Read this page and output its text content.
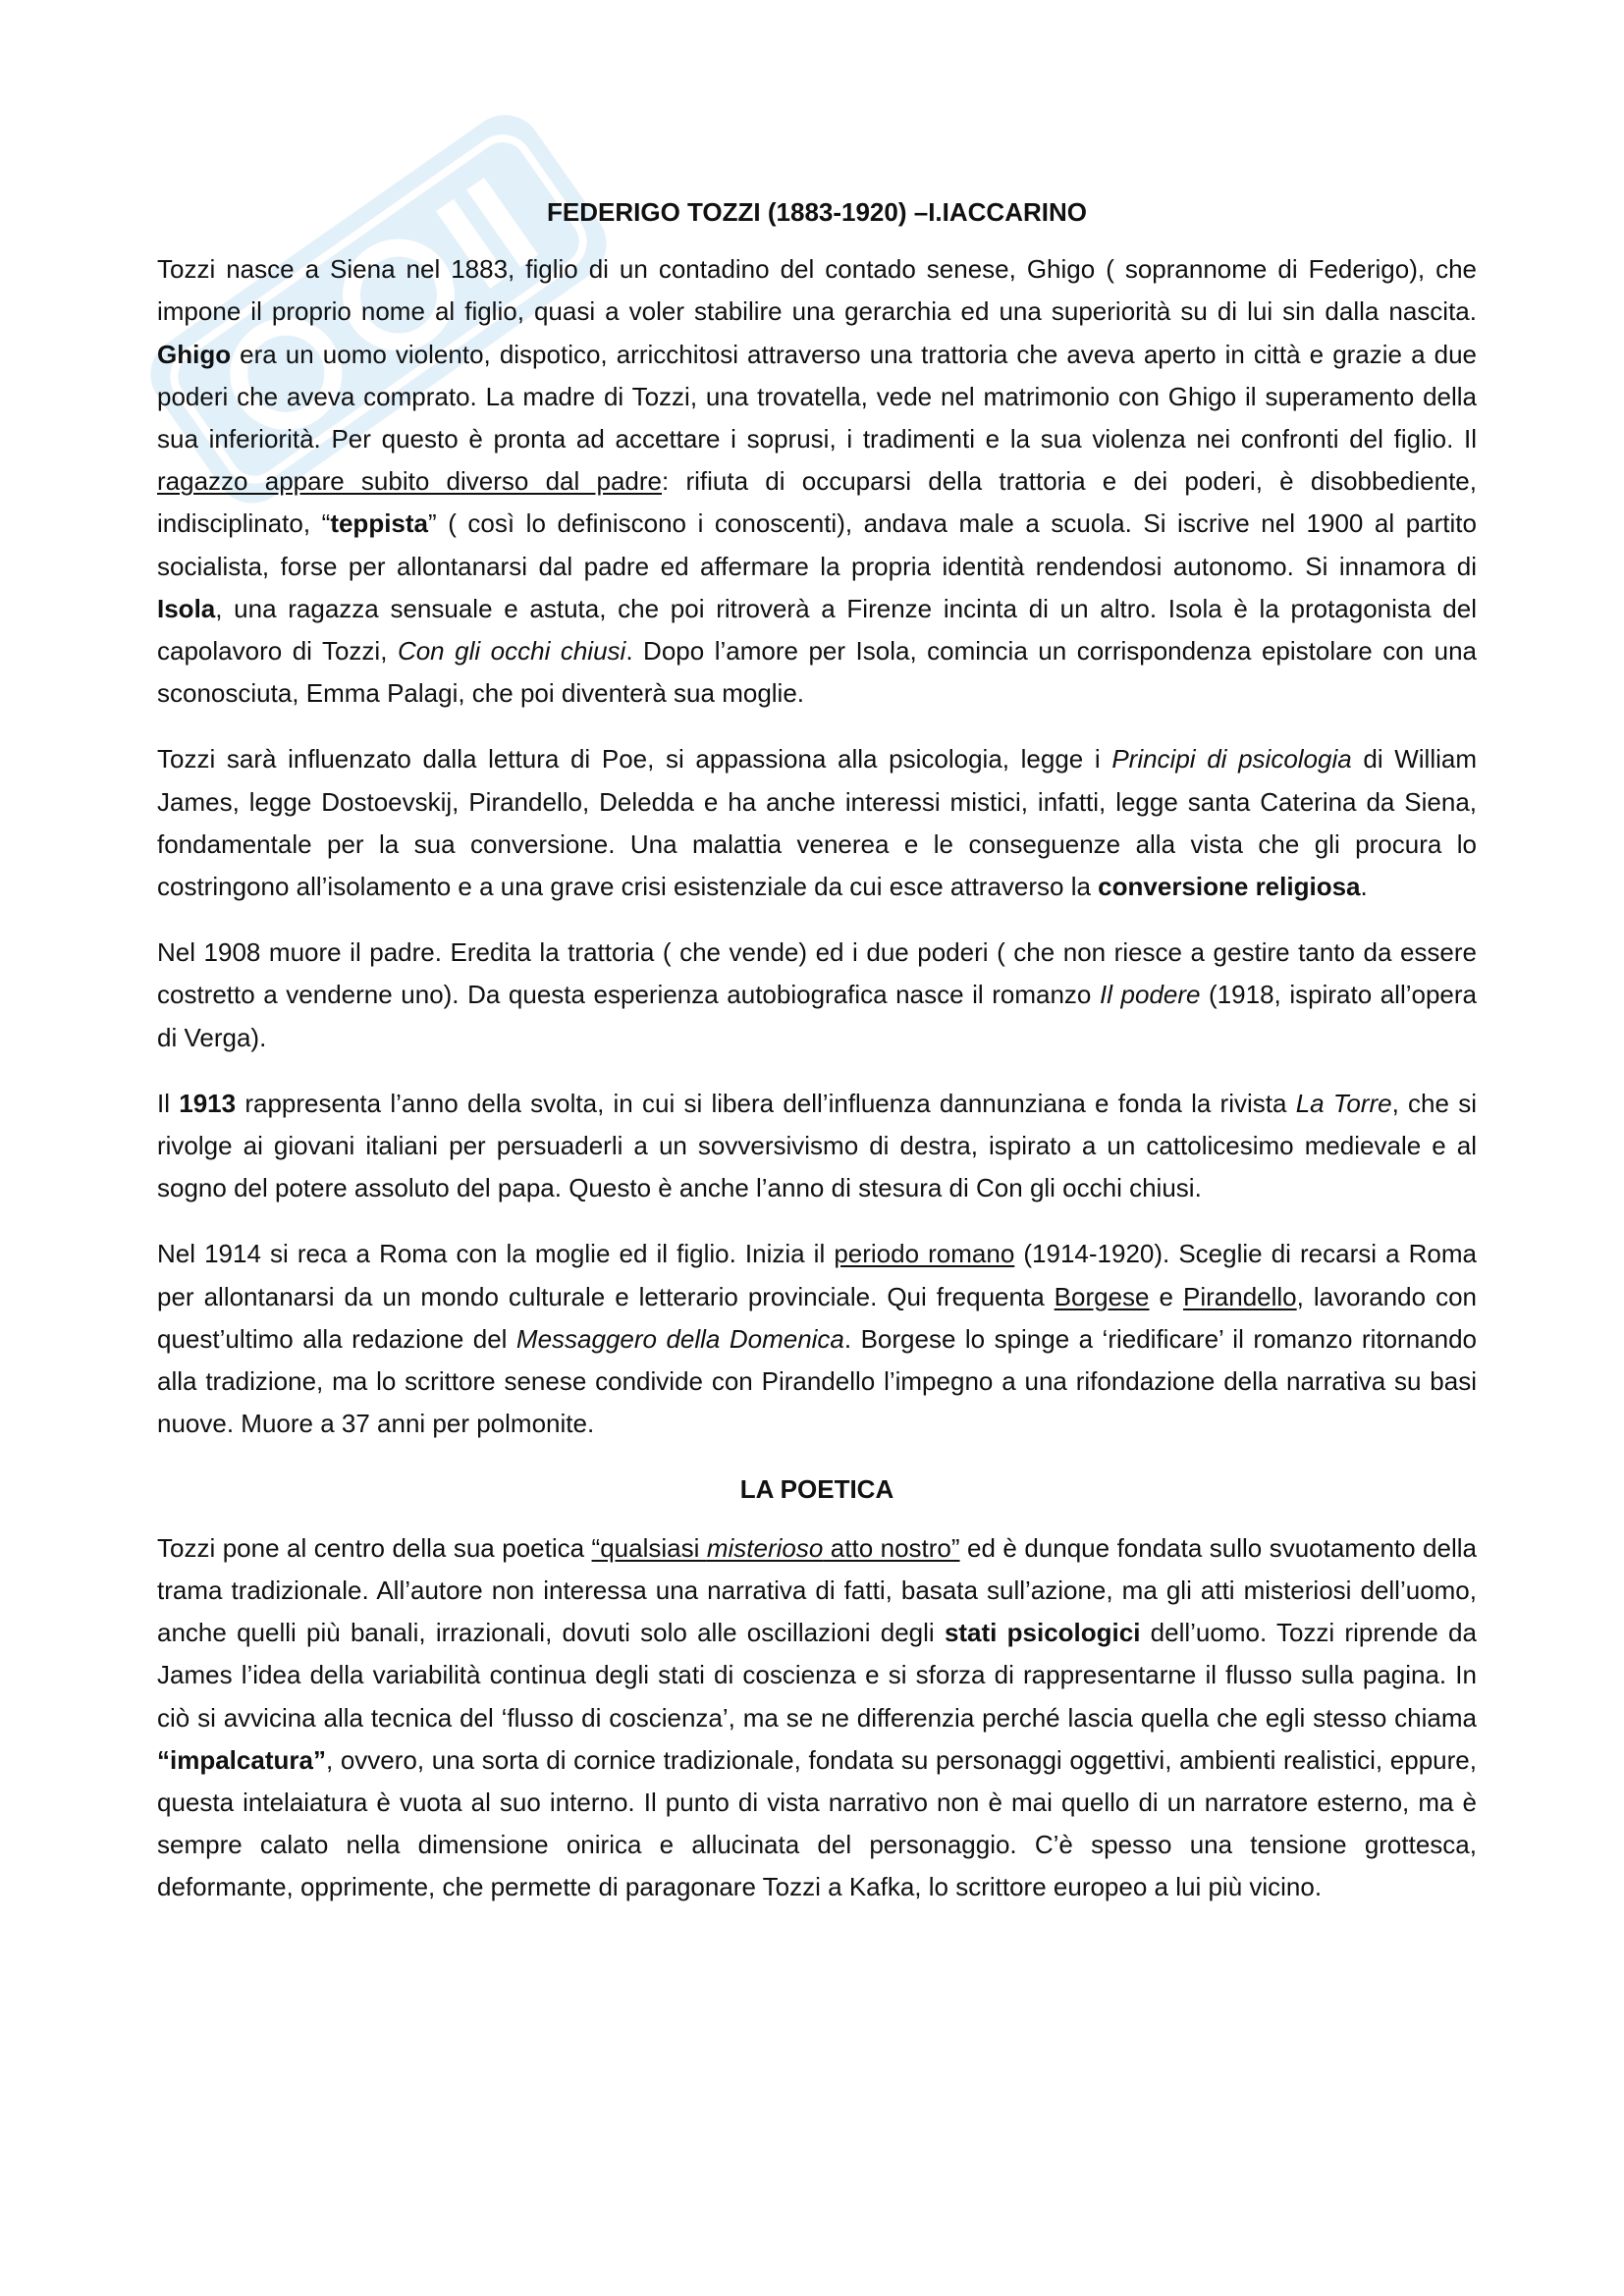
FEDERIGO TOZZI (1883-1920) –I.IACCARINO

Tozzi nasce a Siena nel 1883, figlio di un contadino del contado senese, Ghigo ( soprannome di Federigo), che impone il proprio nome al figlio, quasi a voler stabilire una gerarchia ed una superiorità su di lui sin dalla nascita. Ghigo era un uomo violento, dispotico, arricchitosi attraverso una trattoria che aveva aperto in città e grazie a due poderi che aveva comprato. La madre di Tozzi, una trovatella, vede nel matrimonio con Ghigo il superamento della sua inferiorità. Per questo è pronta ad accettare i soprusi, i tradimenti e la sua violenza nei confronti del figlio. Il ragazzo appare subito diverso dal padre: rifiuta di occuparsi della trattoria e dei poderi, è disobbediente, indisciplinato, “teppista” ( così lo definiscono i conoscenti), andava male a scuola. Si iscrive nel 1900 al partito socialista, forse per allontanarsi dal padre ed affermare la propria identità rendendosi autonomo. Si innamora di Isola, una ragazza sensuale e astuta, che poi ritroverà a Firenze incinta di un altro. Isola è la protagonista del capolavoro di Tozzi, Con gli occhi chiusi. Dopo l’amore per Isola, comincia un corrispondenza epistolare con una sconosciuta, Emma Palagi, che poi diventerà sua moglie.

Tozzi sarà influenzato dalla lettura di Poe, si appassiona alla psicologia, legge i Principi di psicologia di William James, legge Dostoevskij, Pirandello, Deledda e ha anche interessi mistici, infatti, legge santa Caterina da Siena, fondamentale per la sua conversione. Una malattia venerea e le conseguenze alla vista che gli procura lo costringono all’isolamento e a una grave crisi esistenziale da cui esce attraverso la conversione religiosa.

Nel 1908 muore il padre. Eredita la trattoria ( che vende) ed i due poderi ( che non riesce a gestire tanto da essere costretto a venderne uno). Da questa esperienza autobiografica nasce il romanzo Il podere (1918, ispirato all’opera di Verga).

Il 1913 rappresenta l’anno della svolta, in cui si libera dell’influenza dannunziana e fonda la rivista La Torre, che si rivolge ai giovani italiani per persuaderli a un sovversivismo di destra, ispirato a un cattolicesimo medievale e al sogno del potere assoluto del papa. Questo è anche l’anno di stesura di Con gli occhi chiusi.

Nel 1914 si reca a Roma con la moglie ed il figlio. Inizia il periodo romano (1914-1920). Sceglie di recarsi a Roma per allontanarsi da un mondo culturale e letterario provinciale. Qui frequenta Borgese e Pirandello, lavorando con quest’ultimo alla redazione del Messaggero della Domenica. Borgese lo spinge a ‘riedificare’ il romanzo ritornando alla tradizione, ma lo scrittore senese condivide con Pirandello l’impegno a una rifondazione della narrativa su basi nuove. Muore a 37 anni per polmonite.

LA POETICA

Tozzi pone al centro della sua poetica “qualsiasi misterioso atto nostro” ed è dunque fondata sullo svuotamento della trama tradizionale. All’autore non interessa una narrativa di fatti, basata sull’azione, ma gli atti misteriosi dell’uomo, anche quelli più banali, irrazionali, dovuti solo alle oscillazioni degli stati psicologici dell’uomo. Tozzi riprende da James l’idea della variabilità continua degli stati di coscienza e si sforza di rappresentarne il flusso sulla pagina. In ciò si avvicina alla tecnica del ‘flusso di coscienza’, ma se ne differenzia perché lascia quella che egli stesso chiama “impalcatura”, ovvero, una sorta di cornice tradizionale, fondata su personaggi oggettivi, ambienti realistici, eppure, questa intelaiatura è vuota al suo interno. Il punto di vista narrativo non è mai quello di un narratore esterno, ma è sempre calato nella dimensione onirica e allucinata del personaggio. C’è spesso una tensione grottesca, deformante, opprimente, che permette di paragonare Tozzi a Kafka, lo scrittore europeo a lui più vicino.
